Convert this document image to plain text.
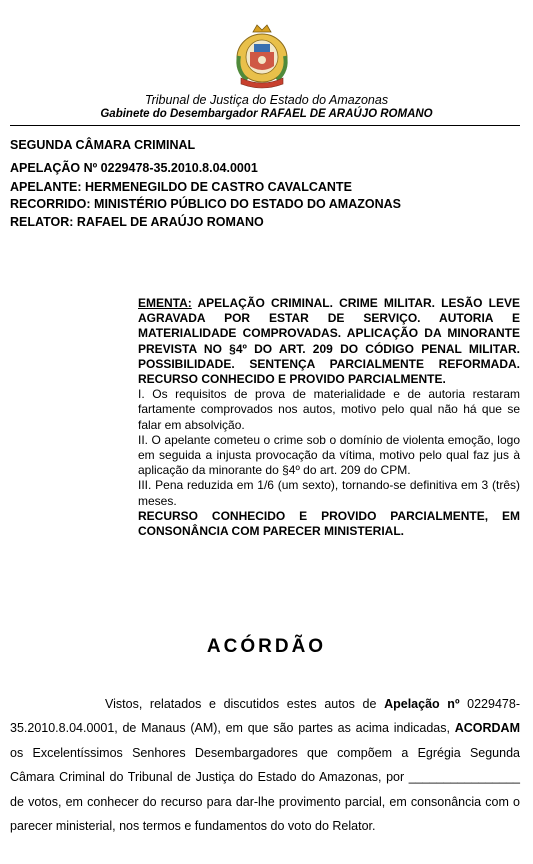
Tribunal de Justiça do Estado do Amazonas
Gabinete do Desembargador RAFAEL DE ARAÚJO ROMANO
SEGUNDA CÂMARA CRIMINAL
APELAÇÃO Nº 0229478-35.2010.8.04.0001
APELANTE: HERMENEGILDO DE CASTRO CAVALCANTE
RECORRIDO: MINISTÉRIO PÚBLICO DO ESTADO DO AMAZONAS
RELATOR: RAFAEL DE ARAÚJO ROMANO

EMENTA: APELAÇÃO CRIMINAL. CRIME MILITAR. LESÃO LEVE AGRAVADA POR ESTAR DE SERVIÇO. AUTORIA E MATERIALIDADE COMPROVADAS. APLICAÇÃO DA MINORANTE PREVISTA NO §4º DO ART. 209 DO CÓDIGO PENAL MILITAR. POSSIBILIDADE. SENTENÇA PARCIALMENTE REFORMADA. RECURSO CONHECIDO E PROVIDO PARCIALMENTE.

I. Os requisitos de prova de materialidade e de autoria restaram fartamente comprovados nos autos, motivo pelo qual não há que se falar em absolvição.

II. O apelante cometeu o crime sob o domínio de violenta emoção, logo em seguida a injusta provocação da vítima, motivo pelo qual faz jus à aplicação da minorante do §4º do art. 209 do CPM.

III. Pena reduzida em 1/6 (um sexto), tornando-se definitiva em 3 (três) meses.

RECURSO CONHECIDO E PROVIDO PARCIALMENTE, EM CONSONÂNCIA COM PARECER MINISTERIAL.

ACÓRDÃO

Vistos, relatados e discutidos estes autos de Apelação nº 0229478-35.2010.8.04.0001, de Manaus (AM), em que são partes as acima indicadas, ACORDAM os Excelentíssimos Senhores Desembargadores que compõem a Egrégia Segunda Câmara Criminal do Tribunal de Justiça do Estado do Amazonas, por ________________ de votos, em conhecer do recurso para dar-lhe provimento parcial, em consonância com o parecer ministerial, nos termos e fundamentos do voto do Relator.
